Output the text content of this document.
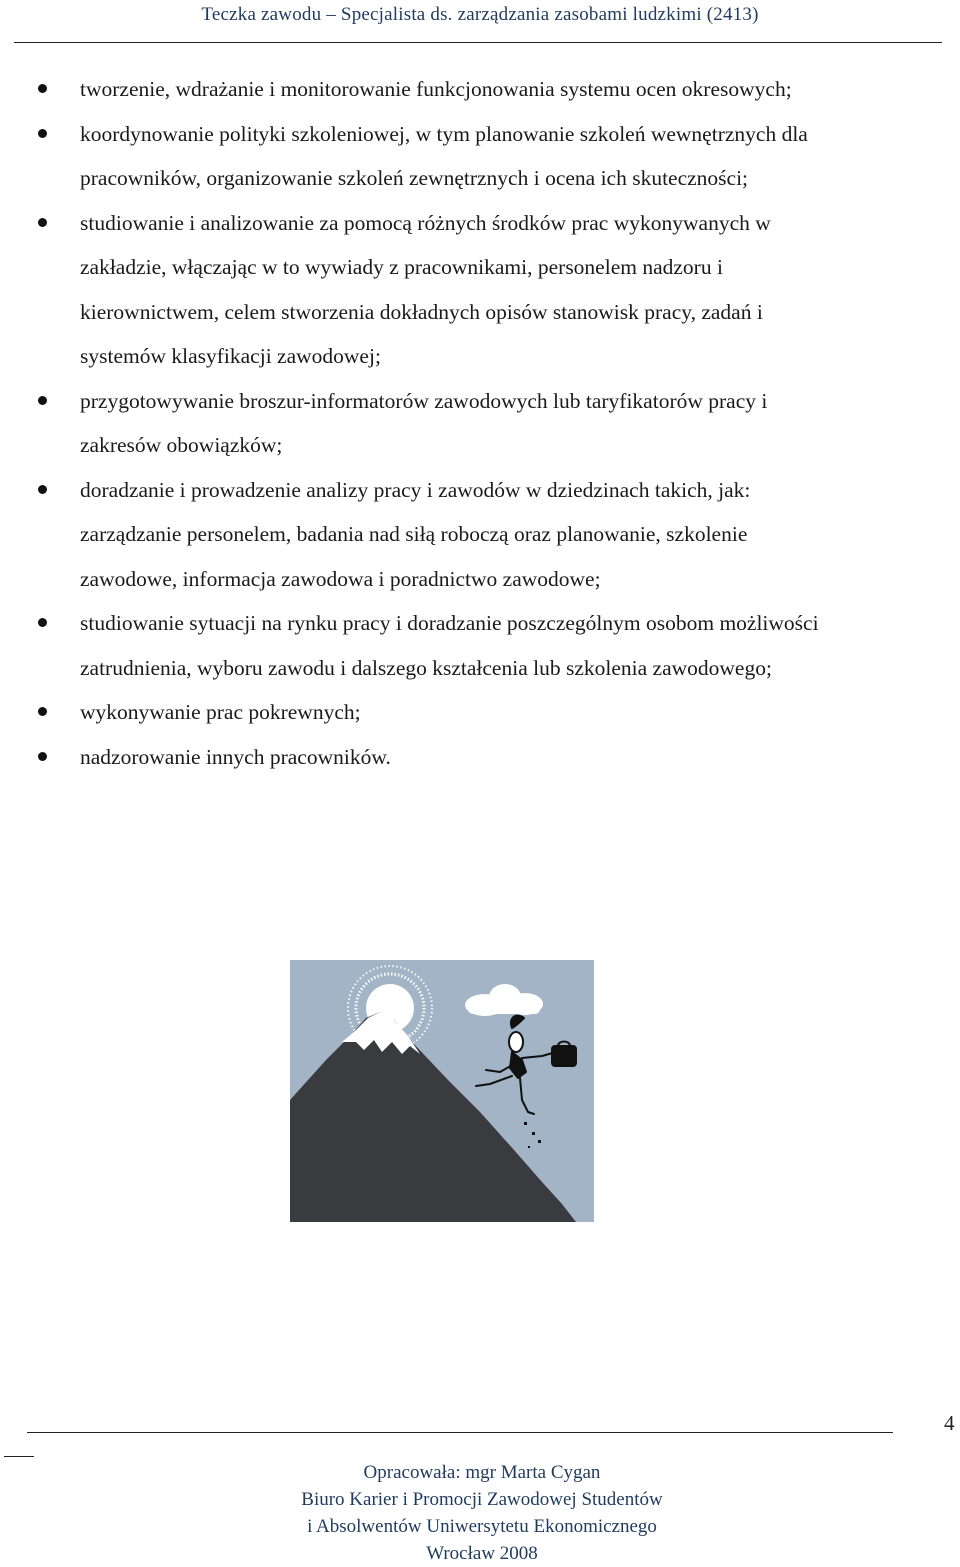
Teczka zawodu – Specjalista ds. zarządzania zasobami ludzkimi (2413)
tworzenie, wdrażanie i monitorowanie funkcjonowania systemu ocen okresowych;
koordynowanie polityki szkoleniowej, w tym planowanie szkoleń wewnętrznych dla
pracowników, organizowanie szkoleń zewnętrznych i ocena ich skuteczności;
studiowanie i analizowanie za pomocą różnych środków prac wykonywanych w
zakładzie, włączając w to wywiady z pracownikami, personelem nadzoru i
kierownictwem, celem stworzenia dokładnych opisów stanowisk pracy, zadań i
systemów klasyfikacji zawodowej;
przygotowywanie broszur-informatorów zawodowych lub taryfikatorów pracy i
zakresów obowiązków;
doradzanie i prowadzenie analizy pracy i zawodów w dziedzinach takich, jak:
zarządzanie personelem, badania nad siłą roboczą oraz planowanie, szkolenie
zawodowe, informacja zawodowa i poradnictwo zawodowe;
studiowanie sytuacji na rynku pracy i doradzanie poszczególnym osobom możliwości
zatrudnienia, wyboru zawodu i dalszego kształcenia lub szkolenia zawodowego;
wykonywanie prac pokrewnych;
nadzorowanie innych pracowników.
4
Opracowała: mgr Marta Cygan
Biuro Karier i Promocji Zawodowej Studentów
i Absolwentów Uniwersytetu Ekonomicznego
Wrocław 2008
